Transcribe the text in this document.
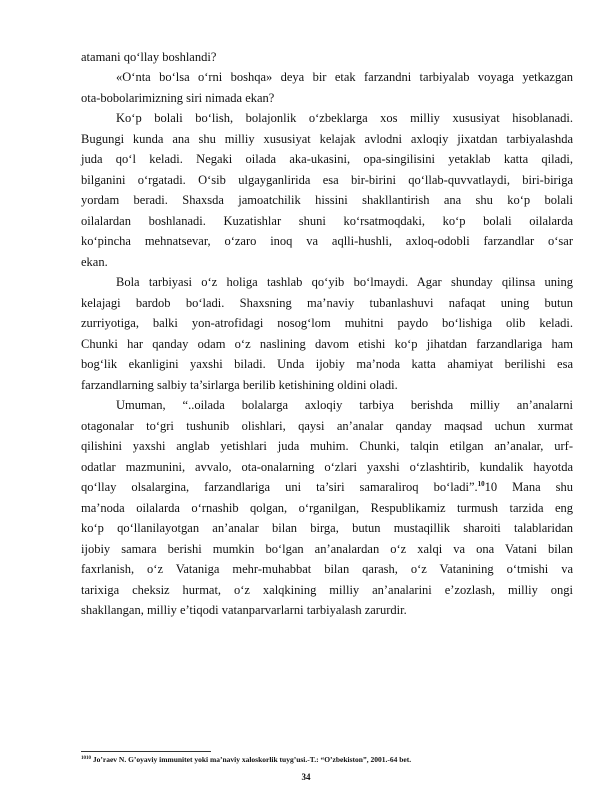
atamani qo‘llay boshlandi?
«O‘nta bo‘lsa o‘rni boshqa» deya bir etak farzandni tarbiyalab voyaga yetkazgan
ota-bobolarimizning siri nimada ekan?
Ko‘p bolali bo‘lish, bolajonlik o‘zbeklarga xos milliy xususiyat hisoblanadi.
Bugungi kunda ana shu milliy xususiyat kelajak avlodni axloqiy jixatdan tarbiyalashda
juda qo‘l keladi. Negaki oilada aka-ukasini, opa-singilisini yetaklab katta qiladi,
bilganini o‘rgatadi. O‘sib ulgayganlirida esa bir-birini qo‘llab-quvvatlaydi, biri-biriga
yordam beradi. Shaxsda jamoatchilik hissini shakllantirish ana shu ko‘p bolali
oilalardan boshlanadi. Kuzatishlar shuni ko‘rsatmoqdaki, ko‘p bolali oilalarda
ko‘pincha mehnatsevar, o‘zaro inoq va aqlli-hushli, axloq-odobli farzandlar o‘sar
ekan.
Bola tarbiyasi o‘z holiga tashlab qo‘yib bo‘lmaydi. Agar shunday qilinsa uning
kelajagi bardob bo‘ladi. Shaxsning ma’naviy tubanlashuvi nafaqat uning butun
zurriyotiga, balki yon-atrofidagi nosog‘lom muhitni paydo bo‘lishiga olib keladi.
Chunki har qanday odam o‘z naslining davom etishi ko‘p jihatdan farzandlariga ham
bog‘lik ekanligini yaxshi biladi. Unda ijobiy ma’noda katta ahamiyat berilishi esa
farzandlarning salbiy ta’sirlarga berilib ketishining oldini oladi.
Umuman, “..oilada bolalarga axloqiy tarbiya berishda milliy an’analarni
otagonalar to‘gri tushunib olishlari, qaysi an’analar qanday maqsad uchun xurmat
qilishini yaxshi anglab yetishlari juda muhim. Chunki, talqin etilgan an’analar, urf-
odatlar mazmunini, avvalo, ota-onalarning o‘zlari yaxshi o‘zlashtirib, kundalik hayotda
qo‘llay olsalargina, farzandlariga uni ta’siri samaraliroq bo‘ladi”.$^{10}$10 Mana shu
ma’noda oilalarda o‘rnashib qolgan, o‘rganilgan, Respublikamiz turmush tarzida eng
ko‘p qo‘llanilayotgan an’analar bilan birga, butun mustaqillik sharoiti talablaridan
ijobiy samara berishi mumkin bo‘lgan an’analardan o‘z xalqi va ona Vatani bilan
faxrlanish, o‘z Vataniga mehr-muhabbat bilan qarash, o‘z Vatanining o‘tmishi va
tarixiga cheksiz hurmat, o‘z xalqkining milliy an’analarini e’zozlash, milliy ongi
shakllangan, milliy e’tiqodi vatanparvarlarni tarbiyalash zarurdir.
$^{1010}$ Jo’raev N. G’oyaviy immunitet yoki ma’naviy xaloskorlik tuyg’usi.-T.: “O’zbekiston”, 2001.-64 bet.
34
